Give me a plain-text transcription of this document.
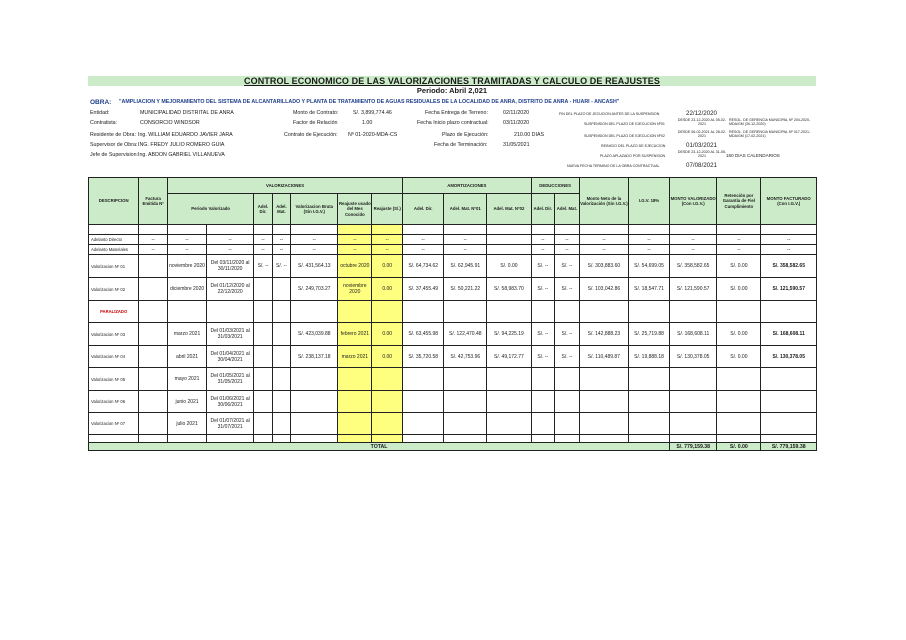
CONTROL ECONOMICO DE LAS VALORIZACIONES TRAMITADAS Y CALCULO DE REAJUSTES
Periodo: Abril 2,021
OBRA: "AMPLIACION Y MEJORAMIENTO DEL SISTEMA DE ALCANTARILLADO Y PLANTA DE TRATAMIENTO DE AGUAS RESIDUALES DE LA LOCALIDAD DE ANRA, DISTRITO DE ANRA - HUARI - ANCASH"
Entidad:	MUNICIPALIDAD DISTRITAL DE ANRA
Contratista:	CONSORCIO WINDSOR
Residente de Obra: Ing. WILLIAM EDUARDO JAVIER JARA
Supervisor de Obra: ING. FREDY JULIO ROMERO GUIA
Jefe de Supervision: Ing. ABDON GABRIEL VILLANUEVA
Monto de Contrato:	S/. 3,899,774.46
Factor de Relación	1.00
Contrato de Ejecución: Nº 01-2020-MDA-CS
Fecha Entrega de Terreno:	02/11/2020
Fecha Inicio plazo contractual:	03/11/2020
Plazo de Ejecución:	210.00 DIAS
Fecha de Terminación:	31/05/2021
FIN DEL PLAZO DE JECUCION ANTES DE LA SUSPENSION	22/12/2020
SUSPENSION DEL PLAZO DE EJECUCION Nº01
DESDE 23-12-2020 AL 05-02-2021
RESOL. DE GERENCIA MUNICIPAL Nº 204-2020-MDA/GM (30-12-2020)
SUSPENSION DEL PLAZO DE EJECUCION Nº02
DESDE 06-02-2021 AL 28-02-2021
RESOL. DE GERENCIA MUNICIPAL Nº 017-2021-MDA/GM (17-02-2021)
REINICIO DEL PLAZO DE EJECUCION	01/03/2021
PLAZO APLAZADO POR SUSPENSION
DESDE 23-12-2020 AL 31-05-2021	160 DIAS CALENDARIOS
NUEVA FECHA TERMINO DE LA OBRA CONTRACTUAL	07/08/2021
DESCRIPCION	Factura Emitida Nº	VALORIZACIONES							AMORTIZACIONES			DEDUCCIONES		Monto Neto de la Valorización (Sin I.G.V.)	I.G.V. 18%	MONTO VALORIZADO (Con I.G.V.)	Retención por Garantía de Fiel Cumplimiento	MONTO FACTURADO (Con I.G.V.)
		Periodo Valorizado		Adel. Dir.	Adel. Mat.	Valorizacion Bruta (Sin I.G.V.)	Reajuste usado del Mes Conocido	Reajuste (S/.)	Adel. Dir.	Adel. Mat. Nº01	Adel. Mat. Nº02	Adel. Dir.	Adel. Mat.					

Adelanto Directo	--	--	--	--	--	--	--	--	--	--		--	--	--	--	--	--	--
Adelanto Materiales	--	--	--	--	--	--	--	--	--	--		--	--	--	--	--	--	--
Valorizacion Nº 01		noviembre 2020	Del 03/11/2020 al 30/11/2020	S/. --	S/. --	S/. 431,564.13	octubre 2020	0.00	S/. 64,734.62	S/. 62,945.91	S/. 0.00	S/. --	S/. --	S/. 303,883.60	S/. 54,699.05	S/. 358,582.65	S/. 0.00	S/. 358,582.65
Valorizacion Nº 02		diciembre 2020	Del 01/12/2020 al 22/12/2020			S/. 249,703.27	noviembre 2020	0.00	S/. 37,455.49	S/. 50,221.22	S/. 58,983.70	S/. --	S/. --	S/. 103,042.86	S/. 18,547.71	S/. 121,590.57	S/. 0.00	S/. 121,590.57
PARALIZADO																		
Valorizacion Nº 03		marzo 2021	Del 01/03/2021 al 31/03/2021			S/. 423,039.88	febrero 2021	0.00	S/. 63,455.98	S/. 122,470.48	S/. 94,225.19	S/. --	S/. --	S/. 142,888.23	S/. 25,719.88	S/. 168,608.11	S/. 0.00	S/. 168,608.11
Valorizacion Nº 04		abril 2021	Del 01/04/2021 al 30/04/2021			S/. 238,137.18	marzo 2021	0.00	S/. 35,720.58	S/. 42,753.96	S/. 49,172.77	S/. --	S/. --	S/. 110,489.87	S/. 19,888.18	S/. 130,378.05	S/. 0.00	S/. 130,378.05
Valorizacion Nº 05		mayo 2021	Del 01/05/2021 al 31/05/2021															
Valorizacion Nº 06		junio 2021	Del 01/06/2021 al 30/06/2021															
Valorizacion Nº 07		julio 2021	Del 01/07/2021 al 31/07/2021															

TOTAL																S/. 779,159.38	S/. 0.00	S/. 779,159.38
